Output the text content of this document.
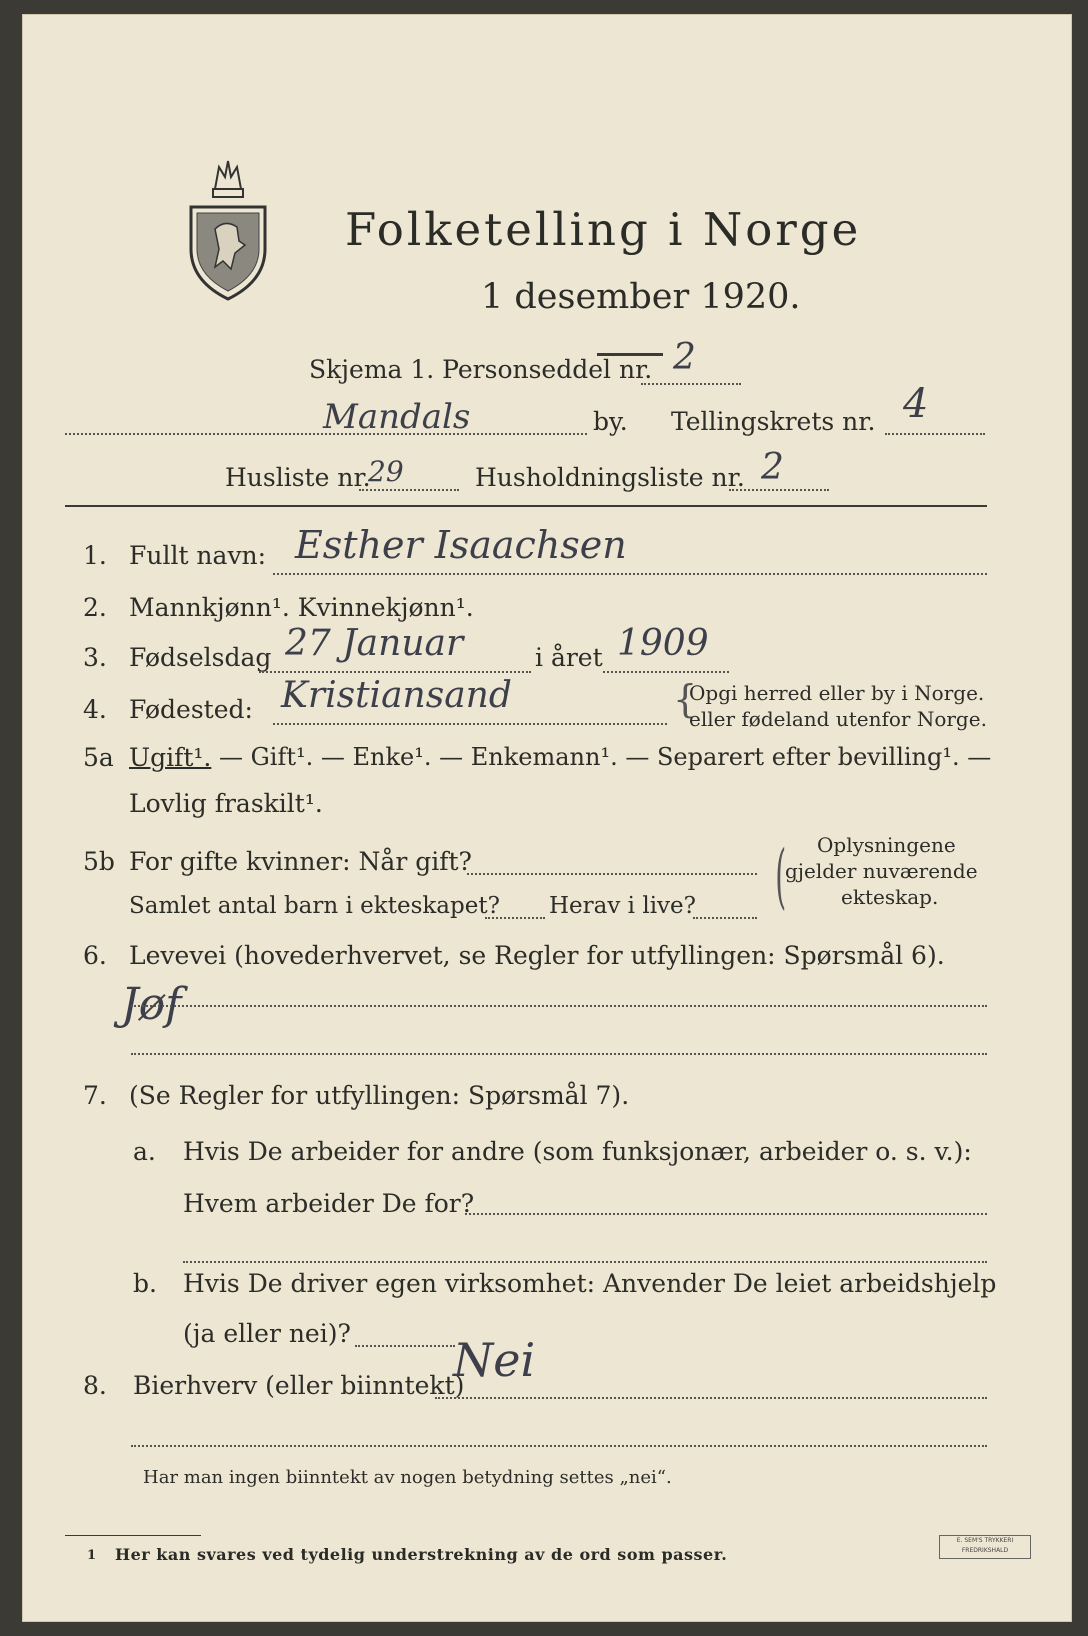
Folketelling i Norge
1 desember 1920.
Skjema 1. Personseddel nr. 2
Mandals	by. Tellingskrets nr. 4
Husliste nr.
29	Husholdningsliste nr. 2
1. Fullt navn: Esther Isaachsen
2. Mannkjønn¹. Kvinnekjønn¹.
3. Fødselsdag 27 Januar	i året 1909
4. Fødested: Kristiansand	{
Opgi herred eller by i Norge.
eller fødeland utenfor Norge.
5a Ugift¹. — Gift¹. — Enke¹. — Enkemann¹. — Separert efter bevilling¹. —
Lovlig fraskilt¹.
5b For gifte kvinner: Når gift?
Samlet antal barn i ekteskapet? Herav i live? ( Oplysningene
gjelder nuværende
ekteskap.
6. Levevei (hovederhvervet, se Regler for utfyllingen: Spørsmål 6).
Jøf
7. (Se Regler for utfyllingen: Spørsmål 7).
a. Hvis De arbeider for andre (som funksjonær, arbeider o. s. v.):
Hvem arbeider De for?
b. Hvis De driver egen virksomhet: Anvender De leiet arbeidshjelp
(ja eller nei)?
8. Bierhverv (eller biinntekt)
Nei
Har man ingen biinntekt av nogen betydning settes „nei“.
1 Her kan svares ved tydelig understrekning av de ord som passer.
E. SEM'S TRYKKERI FREDRIKSHALD
